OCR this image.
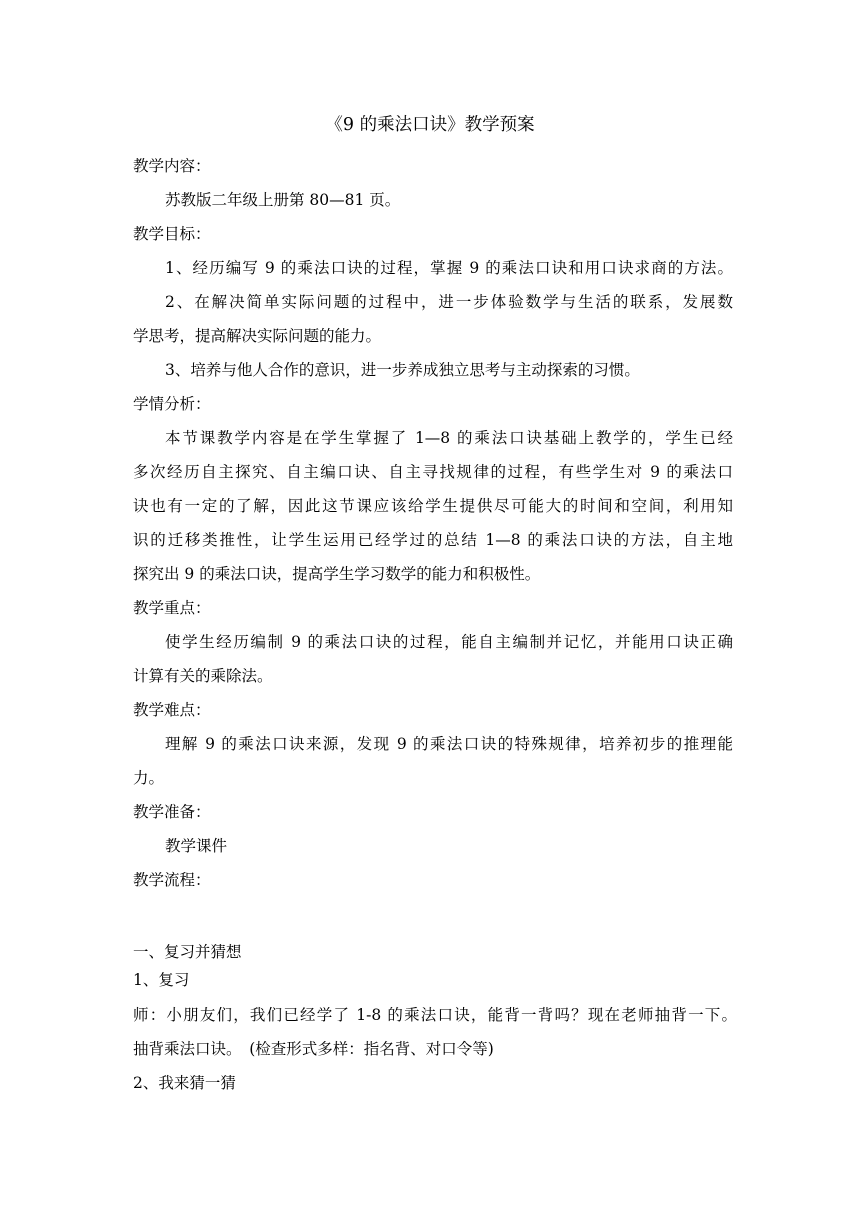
《9 的乘法口诀》教学预案
教学内容：
苏教版二年级上册第 80—81 页。
教学目标：
1、经历编写 9 的乘法口诀的过程，掌握 9 的乘法口诀和用口诀求商的方法。
2、在解决简单实际问题的过程中，进一步体验数学与生活的联系，发展数
学思考，提高解决实际问题的能力。
3、培养与他人合作的意识，进一步养成独立思考与主动探索的习惯。
学情分析：
本节课教学内容是在学生掌握了 1—8 的乘法口诀基础上教学的，学生已经
多次经历自主探究、自主编口诀、自主寻找规律的过程，有些学生对 9 的乘法口
诀也有一定的了解，因此这节课应该给学生提供尽可能大的时间和空间，利用知
识的迁移类推性，让学生运用已经学过的总结 1—8 的乘法口诀的方法，自主地
探究出 9 的乘法口诀，提高学生学习数学的能力和积极性。
教学重点：
使学生经历编制 9 的乘法口诀的过程，能自主编制并记忆，并能用口诀正确
计算有关的乘除法。
教学难点：
理解 9 的乘法口诀来源，发现 9 的乘法口诀的特殊规律，培养初步的推理能
力。
教学准备：
教学课件
教学流程：
一、复习并猜想
1、复习
师：小朋友们，我们已经学了 1-8 的乘法口诀，能背一背吗？现在老师抽背一下。
抽背乘法口诀。　(检查形式多样：指名背、对口令等)
2、我来猜一猜
